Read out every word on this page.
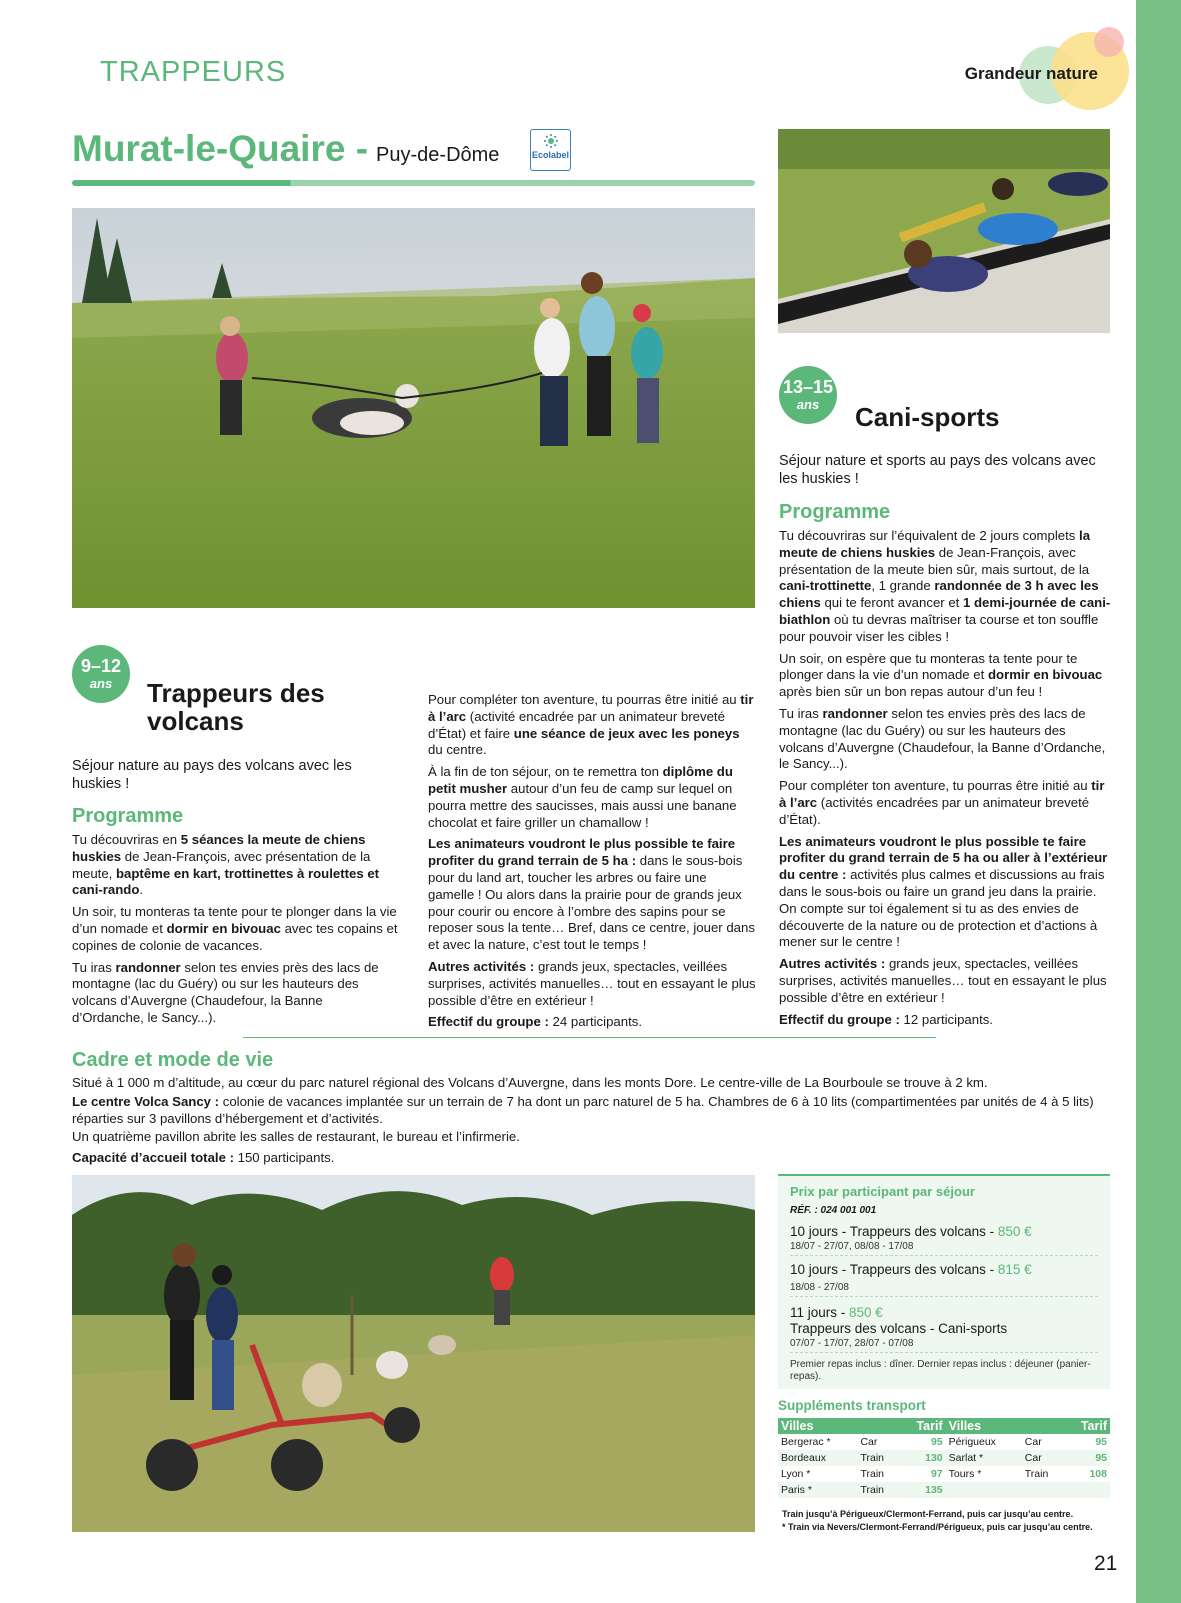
TRAPPEURS	Grandeur nature
Murat-le-Quaire - Puy-de-Dôme	Ecolabel
13–15
ans	Cani-sports
Séjour nature et sports au pays des volcans avec les huskies !
Programme

Tu découvriras sur l’équivalent de 2 jours complets la meute de chiens huskies de Jean-François, avec présentation de la meute bien sûr, mais surtout, de la cani-trottinette, 1 grande randonnée de 3 h avec les chiens qui te feront avancer et 1 demi-journée de cani-biathlon où tu devras maîtriser ta course et ton souffle pour pouvoir viser les cibles !

Un soir, on espère que tu monteras ta tente pour te plonger dans la vie d’un nomade et dormir en bivouac après bien sûr un bon repas autour d’un feu !

Tu iras randonner selon tes envies près des lacs de montagne (lac du Guéry) ou sur les hauteurs des volcans d’Auvergne (Chaudefour, la Banne d’Ordanche, le Sancy...).

Pour compléter ton aventure, tu pourras être initié au tir à l’arc (activités encadrées par un animateur breveté d’État).

Les animateurs voudront le plus possible te faire profiter du grand terrain de 5 ha ou aller à l’extérieur du centre : activités plus calmes et discussions au frais dans le sous-bois ou faire un grand jeu dans la prairie. On compte sur toi également si tu as des envies de découverte de la nature ou de protection et d’actions à mener sur le centre !

Autres activités : grands jeux, spectacles, veillées surprises, activités manuelles… tout en essayant le plus possible d’être en extérieur !

Effectif du groupe : 12 participants.

9–12
ans	Trappeurs des volcans
Séjour nature au pays des volcans avec les huskies !
Programme

Tu découvriras en 5 séances la meute de chiens huskies de Jean-François, avec présentation de la meute, baptême en kart, trottinettes à roulettes et cani-rando.

Un soir, tu monteras ta tente pour te plonger dans la vie d’un nomade et dormir en bivouac avec tes copains et copines de colonie de vacances.

Tu iras randonner selon tes envies près des lacs de montagne (lac du Guéry) ou sur les hauteurs des volcans d’Auvergne (Chaudefour, la Banne d’Ordanche, le Sancy...).

Pour compléter ton aventure, tu pourras être initié au tir à l’arc (activité encadrée par un animateur breveté d’État) et faire une séance de jeux avec les poneys du centre.

À la fin de ton séjour, on te remettra ton diplôme du petit musher autour d’un feu de camp sur lequel on pourra mettre des saucisses, mais aussi une banane chocolat et faire griller un chamallow !

Les animateurs voudront le plus possible te faire profiter du grand terrain de 5 ha : dans le sous-bois pour du land art, toucher les arbres ou faire une gamelle ! Ou alors dans la prairie pour de grands jeux pour courir ou encore à l’ombre des sapins pour se reposer sous la tente… Bref, dans ce centre, jouer dans et avec la nature, c’est tout le temps !

Autres activités : grands jeux, spectacles, veillées surprises, activités manuelles… tout en essayant le plus possible d’être en extérieur !

Effectif du groupe : 24 participants.

Cadre et mode de vie

Situé à 1 000 m d’altitude, au cœur du parc naturel régional des Volcans d’Auvergne, dans les monts Dore. Le centre-ville de La Bourboule se trouve à 2 km.

Le centre Volca Sancy : colonie de vacances implantée sur un terrain de 7 ha dont un parc naturel de 5 ha. Chambres de 6 à 10 lits (compartimentées par unités de 4 à 5 lits) réparties sur 3 pavillons d’hébergement et d’activités.

Un quatrième pavillon abrite les salles de restaurant, le bureau et l’infirmerie.

Capacité d’accueil totale : 150 participants.

Prix par participant par séjour
RÉF. : 024 001 001
10 jours - Trappeurs des volcans - 850 €
18/07 - 27/07, 08/08 - 17/08
10 jours - Trappeurs des volcans - 815 €
18/08 - 27/08
11 jours - 850 €
Trappeurs des volcans - Cani-sports
07/07 - 17/07, 28/07 - 07/08
Premier repas inclus : dîner. Dernier repas inclus : déjeuner (panier-repas).
Suppléments transport
Villes		Tarif	Villes		Tarif
Bergerac *	Car	95	Périgueux	Car	95
Bordeaux	Train	130	Sarlat *	Car	95
Lyon *	Train	97	Tours *	Train	108
Paris *	Train	135			
Train jusqu’à Périgueux/Clermont-Ferrand, puis car jusqu’au centre.
* Train via Nevers/Clermont-Ferrand/Périgueux, puis car jusqu’au centre.
21
